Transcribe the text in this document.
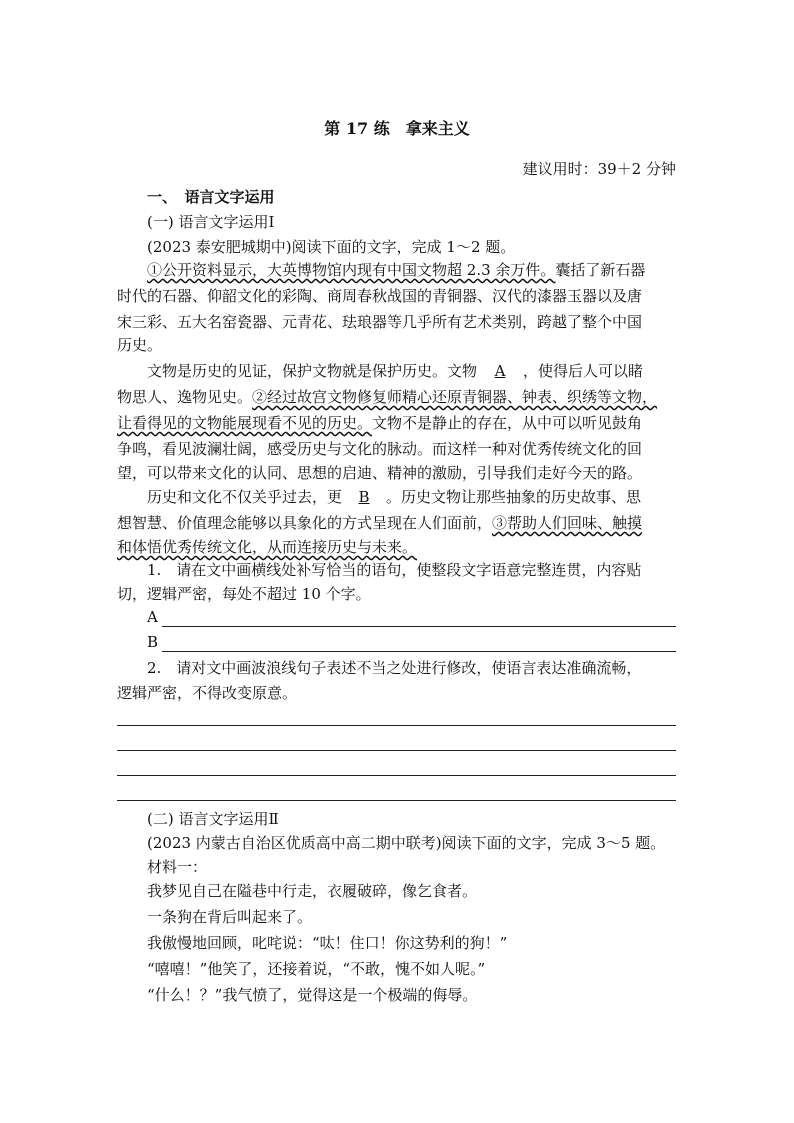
第 17 练　拿来主义
建议用时：39＋2 分钟
一、　语言文字运用
(一) 语言文字运用Ⅰ
(2023 泰安肥城期中)阅读下面的文字，完成 1～2 题。
①公开资料显示，大英博物馆内现有中国文物超 2.3 余万件。囊括了新石器
时代的石器、仰韶文化的彩陶、商周春秋战国的青铜器、汉代的漆器玉器以及唐
宋三彩、五大名窑瓷器、元青花、珐琅器等几乎所有艺术类别，跨越了整个中国
历史。
文物是历史的见证，保护文物就是保护历史。文物 A ，使得后人可以睹
物思人、逸物见史。②经过故宫文物修复师精心还原青铜器、钟表、织绣等文物，
让看得见的文物能展现看不见的历史。文物不是静止的存在，从中可以听见鼓角
争鸣，看见波澜壮阔，感受历史与文化的脉动。而这样一种对优秀传统文化的回
望，可以带来文化的认同、思想的启迪、精神的激励，引导我们走好今天的路。
历史和文化不仅关乎过去，更 B 。历史文物让那些抽象的历史故事、思
想智慧、价值理念能够以具象化的方式呈现在人们面前，③帮助人们回味、触摸
和体悟优秀传统文化，从而连接历史与未来。
1.　请在文中画横线处补写恰当的语句，使整段文字语意完整连贯，内容贴
切，逻辑严密，每处不超过 10 个字。
A
B
2.　请对文中画波浪线句子表述不当之处进行修改，使语言表达准确流畅，
逻辑严密，不得改变原意。
(二) 语言文字运用Ⅱ
(2023 内蒙古自治区优质高中高二期中联考)阅读下面的文字，完成 3～5 题。
材料一：
我梦见自己在隘巷中行走，衣履破碎，像乞食者。
一条狗在背后叫起来了。
我傲慢地回顾，叱咤说：“呔！住口！你这势利的狗！”
“嘻嘻！”他笑了，还接着说，“不敢，愧不如人呢。”
“什么！？”我气愤了，觉得这是一个极端的侮辱。
